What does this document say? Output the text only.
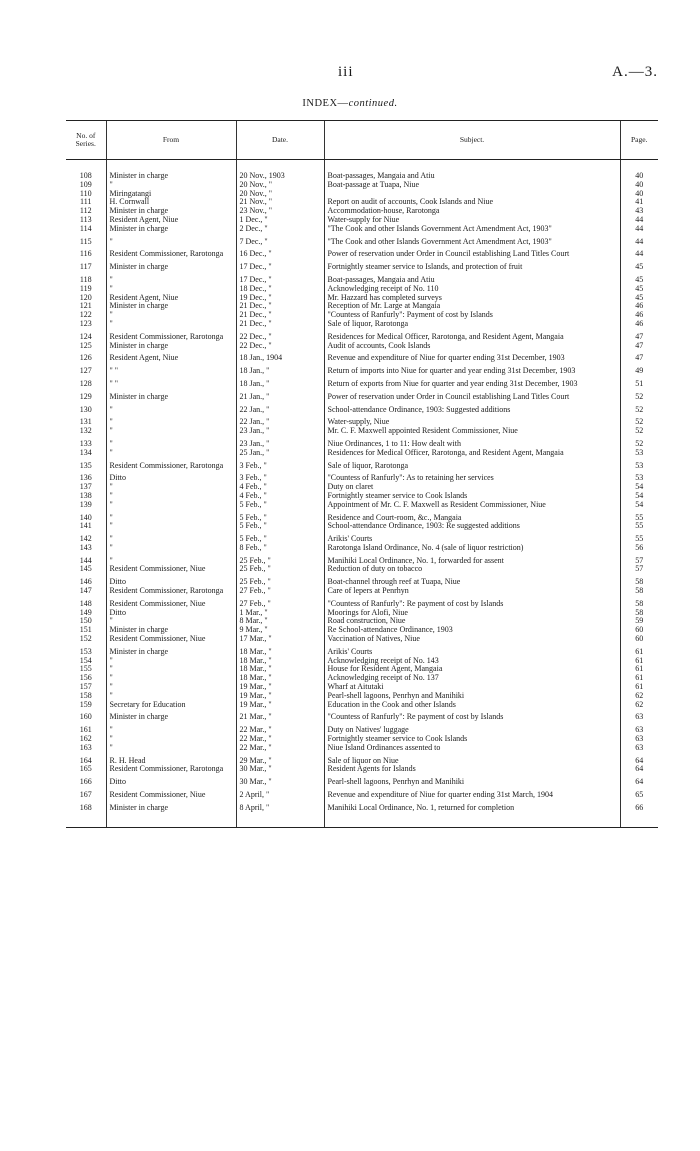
iii	A.—3.
INDEX—continued.
No. of Series.	From	Date.	Subject.	Page.

108	Minister in charge	20 Nov., 1903	Boat-passages, Mangaia and Atiu	40
109	"	20 Nov., "	Boat-passage at Tuapa, Niue	40
110	Miringatangi	20 Nov., "		40
111	H. Cornwall	21 Nov., "	Report on audit of accounts, Cook Islands and Niue	41
112	Minister in charge	23 Nov., "	Accommodation-house, Rarotonga	43
113	Resident Agent, Niue	1 Dec., "	Water-supply for Niue	44
114	Minister in charge	2 Dec., "	"The Cook and other Islands Government Act Amendment Act, 1903"	44
115	"	7 Dec., "	"The Cook and other Islands Government Act Amendment Act, 1903"	44
116	Resident Commissioner, Rarotonga	16 Dec., "	Power of reservation under Order in Council establishing Land Titles Court	44
117	Minister in charge	17 Dec., "	Fortnightly steamer service to Islands, and protection of fruit	45
118	"	17 Dec., "	Boat-passages, Mangaia and Atiu	45
119	"	18 Dec., "	Acknowledging receipt of No. 110	45
120	Resident Agent, Niue	19 Dec., "	Mr. Hazzard has completed surveys	45
121	Minister in charge	21 Dec., "	Reception of Mr. Large at Mangaia	46
122	"	21 Dec., "	"Countess of Ranfurly": Payment of cost by Islands	46
123	"	21 Dec., "	Sale of liquor, Rarotonga	46
124	Resident Commissioner, Rarotonga	22 Dec., "	Residences for Medical Officer, Rarotonga, and Resident Agent, Mangaia	47
125	Minister in charge	22 Dec., "	Audit of accounts, Cook Islands	47
126	Resident Agent, Niue	18 Jan., 1904	Revenue and expenditure of Niue for quarter ending 31st December, 1903	47
127	" "	18 Jan., "	Return of imports into Niue for quarter and year ending 31st December, 1903	49
128	" "	18 Jan., "	Return of exports from Niue for quarter and year ending 31st December, 1903	51
129	Minister in charge	21 Jan., "	Power of reservation under Order in Council establishing Land Titles Court	52
130	"	22 Jan., "	School-attendance Ordinance, 1903: Suggested additions	52
131	"	22 Jan., "	Water-supply, Niue	52
132	"	23 Jan., "	Mr. C. F. Maxwell appointed Resident Commissioner, Niue	52
133	"	23 Jan., "	Niue Ordinances, 1 to 11: How dealt with	52
134	"	25 Jan., "	Residences for Medical Officer, Rarotonga, and Resident Agent, Mangaia	53
135	Resident Commissioner, Rarotonga	3 Feb., "	Sale of liquor, Rarotonga	53
136	Ditto	3 Feb., "	"Countess of Ranfurly": As to retaining her services	53
137	"	4 Feb., "	Duty on claret	54
138	"	4 Feb., "	Fortnightly steamer service to Cook Islands	54
139	"	5 Feb., "	Appointment of Mr. C. F. Maxwell as Resident Commissioner, Niue	54
140	"	5 Feb., "	Residence and Court-room, &c., Mangaia	55
141	"	5 Feb., "	School-attendance Ordinance, 1903: Re suggested additions	55
142	"	5 Feb., "	Arikis' Courts	55
143	"	8 Feb., "	Rarotonga Island Ordinance, No. 4 (sale of liquor restriction)	56
144	"	25 Feb., "	Manihiki Local Ordinance, No. 1, forwarded for assent	57
145	Resident Commissioner, Niue	25 Feb., "	Reduction of duty on tobacco	57
146	Ditto	25 Feb., "	Boat-channel through reef at Tuapa, Niue	58
147	Resident Commissioner, Rarotonga	27 Feb., "	Care of lepers at Penrhyn	58
148	Resident Commissioner, Niue	27 Feb., "	"Countess of Ranfurly": Re payment of cost by Islands	58
149	Ditto	1 Mar., "	Moorings for Alofi, Niue	58
150	"	8 Mar., "	Road construction, Niue	59
151	Minister in charge	9 Mar., "	Re School-attendance Ordinance, 1903	60
152	Resident Commissioner, Niue	17 Mar., "	Vaccination of Natives, Niue	60
153	Minister in charge	18 Mar., "	Arikis' Courts	61
154	"	18 Mar., "	Acknowledging receipt of No. 143	61
155	"	18 Mar., "	House for Resident Agent, Mangaia	61
156	"	18 Mar., "	Acknowledging receipt of No. 137	61
157	"	19 Mar., "	Wharf at Aitutaki	61
158	"	19 Mar., "	Pearl-shell lagoons, Penrhyn and Manihiki	62
159	Secretary for Education	19 Mar., "	Education in the Cook and other Islands	62
160	Minister in charge	21 Mar., "	"Countess of Ranfurly": Re payment of cost by Islands	63
161	"	22 Mar., "	Duty on Natives' luggage	63
162	"	22 Mar., "	Fortnightly steamer service to Cook Islands	63
163	"	22 Mar., "	Niue Island Ordinances assented to	63
164	R. H. Head	29 Mar., "	Sale of liquor on Niue	64
165	Resident Commissioner, Rarotonga	30 Mar., "	Resident Agents for Islands	64
166	Ditto	30 Mar., "	Pearl-shell lagoons, Penrhyn and Manihiki	64
167	Resident Commissioner, Niue	2 April, "	Revenue and expenditure of Niue for quarter ending 31st March, 1904	65
168	Minister in charge	8 April, "	Manihiki Local Ordinance, No. 1, returned for completion	66
